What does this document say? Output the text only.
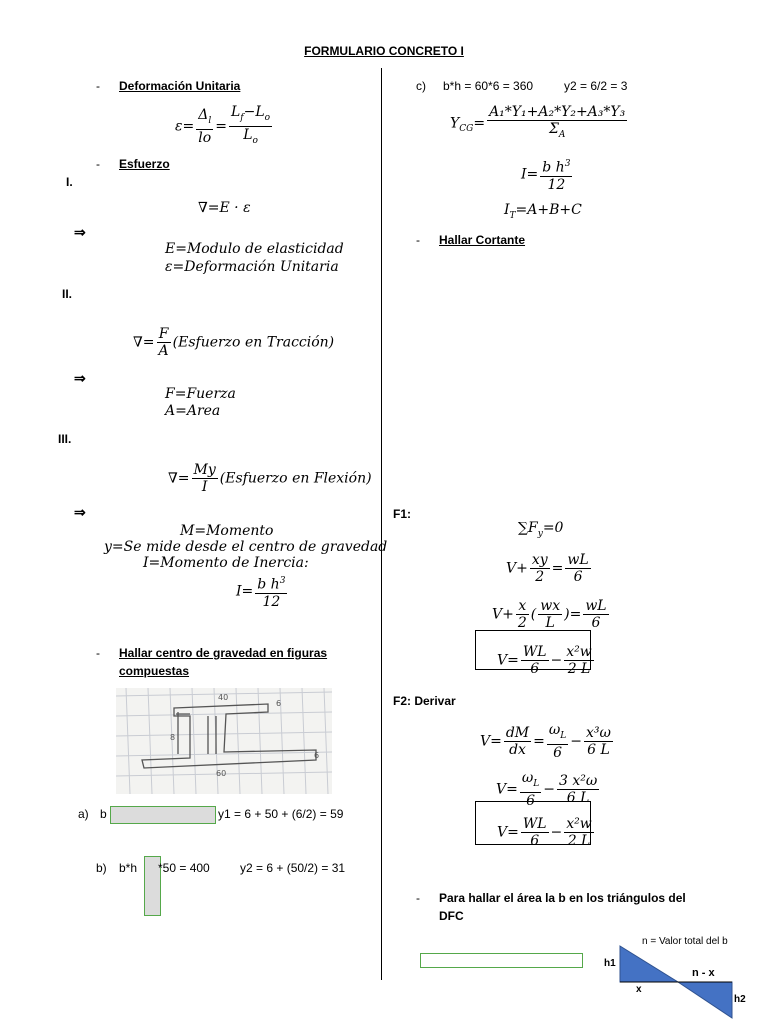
FORMULARIO CONCRETO I
- Deformación Unitaria
$\varepsilon= \frac{\Delta_l}{lo} = \frac{L_f-L_o}{L_o}$
- Esfuerzo
I.
∇=E · ε
⇒
E=Modulo de elasticidad
ε=Deformación Unitaria
II.
∇= $\frac{F}{A}$ (Esfuerzo en Tracción)
⇒
F=Fuerza
A=Area
III.
∇= $\frac{My}{I}$ (Esfuerzo en Flexión)
⇒
M=Momento
y=Se mide desde el centro de gravedad
I=Momento de Inercia:
$I= \frac{b h^3}{12}$
- Hallar centro de gravedad en figuras
compuestas
40
6
8
6
60
a) b	y1 = 6 + 50 + (6/2) = 59
b) b*h *50 = 400	y2 = 6 + (50/2) = 31
c) b*h = 60*6 = 360	y2 = 6/2 = 3
$Y_{CG}= \frac{\text{A₁*Y₁+A₂*Y₂+A₃*Y₃}}{\Sigma_A}$
$I= \frac{b h^3}{12}$
$I_T=A+B+C$
- Hallar Cortante
F1:
$\sum F_y=0$
$V+ \frac{xy}{2} = \frac{wL}{6}$
$V+ \frac{x}{2}$ ( $\frac{wx}{L}$ )= $\frac{wL}{6}$
$V= \frac{WL}{6} - \frac{\text{x²w}}{2 L}$
F2: Derivar
$V= \frac{dM}{dx} = \frac{\omega_L}{6} - \frac{\text{x³ω}}{6 L}$
$V= \frac{\omega_L}{6} - \frac{\text{3 x²ω}}{6 L}$
$V= \frac{WL}{6} - \frac{\text{x²w}}{2 L}$
- Para hallar el área la b en los triángulos del
DFC
n = Valor total del b
h1
h2
x
n - x
